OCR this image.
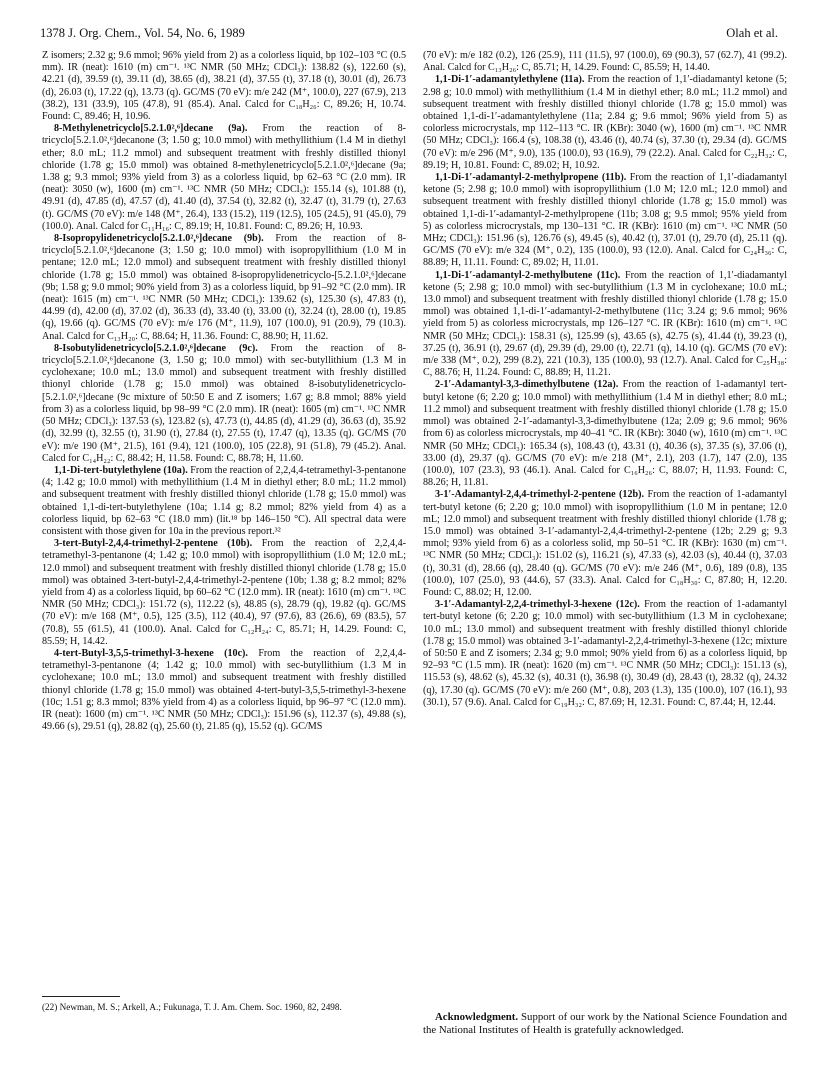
1378 J. Org. Chem., Vol. 54, No. 6, 1989	Olah et al.

Z isomers; 2.32 g; 9.6 mmol; 96% yield from 2) as a colorless liquid, bp 102–103 °C (0.5 mm). IR (neat): 1610 (m) cm⁻¹. ¹³C NMR (50 MHz; CDCl₃): 138.82 (s), 122.60 (s), 42.21 (d), 39.59 (t), 39.11 (d), 38.65 (d), 38.21 (d), 37.55 (t), 37.18 (t), 30.01 (d), 26.73 (d), 26.03 (t), 17.22 (q), 13.73 (q). GC/MS (70 eV): m/e 242 (M⁺, 100.0), 227 (67.9), 213 (38.2), 131 (33.9), 105 (47.8), 91 (85.4). Anal. Calcd for C₁₈H₂₆: C, 89.26; H, 10.74. Found: C, 89.46; H, 10.96.

8-Methylenetricyclo[5.2.1.0²,⁶]decane (9a). From the reaction of 8-tricyclo[5.2.1.0²,⁶]decanone (3; 1.50 g; 10.0 mmol) with methyllithium (1.4 M in diethyl ether; 8.0 mL; 11.2 mmol) and subsequent treatment with freshly distilled thionyl chloride (1.78 g; 15.0 mmol) was obtained 8-methylenetricyclo[5.2.1.0²,⁶]decane (9a; 1.38 g; 9.3 mmol; 93% yield from 3) as a colorless liquid, bp 62–63 °C (2.0 mm). IR (neat): 3050 (w), 1600 (m) cm⁻¹. ¹³C NMR (50 MHz; CDCl₃): 155.14 (s), 101.88 (t), 49.91 (d), 47.85 (d), 47.57 (d), 41.40 (d), 37.54 (t), 32.82 (t), 32.47 (t), 31.79 (t), 27.63 (t). GC/MS (70 eV): m/e 148 (M⁺, 26.4), 133 (15.2), 119 (12.5), 105 (24.5), 91 (45.0), 79 (100.0). Anal. Calcd for C₁₁H₁₆: C, 89.19; H, 10.81. Found: C, 89.26; H, 10.93.

8-Isopropylidenetricyclo[5.2.1.0²,⁶]decane (9b). From the reaction of 8-tricyclo[5.2.1.0²,⁶]decanone (3; 1.50 g; 10.0 mmol) with isopropyllithium (1.0 M in pentane; 12.0 mL; 12.0 mmol) and subsequent treatment with freshly distilled thionyl chloride (1.78 g; 15.0 mmol) was obtained 8-isopropylidenetricyclo-[5.2.1.0²,⁶]decane (9b; 1.58 g; 9.0 mmol; 90% yield from 3) as a colorless liquid, bp 91–92 °C (2.0 mm). IR (neat): 1615 (m) cm⁻¹. ¹³C NMR (50 MHz; CDCl₃): 139.62 (s), 125.30 (s), 47.83 (t), 44.99 (d), 42.00 (d), 37.02 (d), 36.33 (d), 33.40 (t), 33.00 (t), 32.24 (t), 28.00 (t), 19.85 (q), 19.66 (q). GC/MS (70 eV): m/e 176 (M⁺, 11.9), 107 (100.0), 91 (20.9), 79 (10.3). Anal. Calcd for C₁₃H₂₀: C, 88.64; H, 11.36. Found: C, 88.90; H, 11.62.

8-Isobutylidenetricyclo[5.2.1.0²,⁶]decane (9c). From the reaction of 8-tricyclo[5.2.1.0²,⁶]decanone (3, 1.50 g; 10.0 mmol) with sec-butyllithium (1.3 M in cyclohexane; 10.0 mL; 13.0 mmol) and subsequent treatment with freshly distilled thionyl chloride (1.78 g; 15.0 mmol) was obtained 8-isobutylidenetricyclo-[5.2.1.0²,⁶]decane (9c mixture of 50:50 E and Z isomers; 1.67 g; 8.8 mmol; 88% yield from 3) as a colorless liquid, bp 98–99 °C (2.0 mm). IR (neat): 1605 (m) cm⁻¹. ¹³C NMR (50 MHz; CDCl₃): 137.53 (s), 123.82 (s), 47.73 (t), 44.85 (d), 41.29 (d), 36.63 (d), 35.92 (d), 32.99 (t), 32.55 (t), 31.90 (t), 27.84 (t), 27.55 (t), 17.47 (q), 13.35 (q). GC/MS (70 eV): m/e 190 (M⁺, 21.5), 161 (9.4), 121 (100.0), 105 (22.8), 91 (51.8), 79 (45.2). Anal. Calcd for C₁₄H₂₂: C, 88.42; H, 11.58. Found: C, 88.78; H, 11.60.

1,1-Di-tert-butylethylene (10a). From the reaction of 2,2,4,4-tetramethyl-3-pentanone (4; 1.42 g; 10.0 mmol) with methyllithium (1.4 M in diethyl ether; 8.0 mL; 11.2 mmol) and subsequent treatment with freshly distilled thionyl chloride (1.78 g; 15.0 mmol) was obtained 1,1-di-tert-butylethylene (10a; 1.14 g; 8.2 mmol; 82% yield from 4) as a colorless liquid, bp 62–63 °C (18.0 mm) (lit.¹⁸ bp 146–150 °C). All spectral data were consistent with those given for 10a in the previous report.³²

3-tert-Butyl-2,4,4-trimethyl-2-pentene (10b). From the reaction of 2,2,4,4-tetramethyl-3-pentanone (4; 1.42 g; 10.0 mmol) with isopropyllithium (1.0 M; 12.0 mL; 12.0 mmol) and subsequent treatment with freshly distilled thionyl chloride (1.78 g; 15.0 mmol) was obtained 3-tert-butyl-2,4,4-trimethyl-2-pentene (10b; 1.38 g; 8.2 mmol; 82% yield from 4) as a colorless liquid, bp 60–62 °C (12.0 mm). IR (neat): 1610 (m) cm⁻¹. ¹³C NMR (50 MHz; CDCl₃): 151.72 (s), 112.22 (s), 48.85 (s), 28.79 (q), 19.82 (q). GC/MS (70 eV): m/e 168 (M⁺, 0.5), 125 (3.5), 112 (40.4), 97 (97.6), 83 (26.6), 69 (83.5), 57 (70.8), 55 (61.5), 41 (100.0). Anal. Calcd for C₁₂H₂₄: C, 85.71; H, 14.29. Found: C, 85.59; H, 14.42.

4-tert-Butyl-3,5,5-trimethyl-3-hexene (10c). From the reaction of 2,2,4,4-tetramethyl-3-pentanone (4; 1.42 g; 10.0 mmol) with sec-butyllithium (1.3 M in cyclohexane; 10.0 mL; 13.0 mmol) and subsequent treatment with freshly distilled thionyl chloride (1.78 g; 15.0 mmol) was obtained 4-tert-butyl-3,5,5-trimethyl-3-hexene (10c; 1.51 g; 8.3 mmol; 83% yield from 4) as a colorless liquid, bp 96–97 °C (12.0 mm). IR (neat): 1600 (m) cm⁻¹. ¹³C NMR (50 MHz; CDCl₃): 151.96 (s), 112.37 (s), 49.88 (s), 49.66 (s), 29.51 (q), 28.82 (q), 25.60 (t), 21.85 (q), 15.52 (q). GC/MS

(70 eV): m/e 182 (0.2), 126 (25.9), 111 (11.5), 97 (100.0), 69 (90.3), 57 (62.7), 41 (99.2). Anal. Calcd for C₁₃H₂₆: C, 85.71; H, 14.29. Found: C, 85.59; H, 14.40.

1,1-Di-1′-adamantylethylene (11a). From the reaction of 1,1′-diadamantyl ketone (5; 2.98 g; 10.0 mmol) with methyllithium (1.4 M in diethyl ether; 8.0 mL; 11.2 mmol) and subsequent treatment with freshly distilled thionyl chloride (1.78 g; 15.0 mmol) was obtained 1,1-di-1′-adamantylethylene (11a; 2.84 g; 9.6 mmol; 96% yield from 5) as colorless microcrystals, mp 112–113 °C. IR (KBr): 3040 (w), 1600 (m) cm⁻¹. ¹³C NMR (50 MHz; CDCl₃): 166.4 (s), 108.38 (t), 43.46 (t), 40.74 (s), 37.30 (t), 29.34 (d). GC/MS (70 eV): m/e 296 (M⁺, 9.0), 135 (100.0), 93 (16.9), 79 (22.2). Anal. Calcd for C₂₂H₃₂: C, 89.19; H, 10.81. Found: C, 89.02; H, 10.92.

1,1-Di-1′-adamantyl-2-methylpropene (11b). From the reaction of 1,1′-diadamantyl ketone (5; 2.98 g; 10.0 mmol) with isopropyllithium (1.0 M; 12.0 mL; 12.0 mmol) and subsequent treatment with freshly distilled thionyl chloride (1.78 g; 15.0 mmol) was obtained 1,1-di-1′-adamantyl-2-methylpropene (11b; 3.08 g; 9.5 mmol; 95% yield from 5) as colorless microcrystals, mp 130–131 °C. IR (KBr): 1610 (m) cm⁻¹. ¹³C NMR (50 MHz; CDCl₃): 151.96 (s), 126.76 (s), 49.45 (s), 40.42 (t), 37.01 (t), 29.70 (d), 25.11 (q). GC/MS (70 eV): m/e 324 (M⁺, 0.2), 135 (100.0), 93 (12.0). Anal. Calcd for C₂₄H₃₆: C, 88.89; H, 11.11. Found: C, 89.02; H, 11.01.

1,1-Di-1′-adamantyl-2-methylbutene (11c). From the reaction of 1,1′-diadamantyl ketone (5; 2.98 g; 10.0 mmol) with sec-butyllithium (1.3 M in cyclohexane; 10.0 mL; 13.0 mmol) and subsequent treatment with freshly distilled thionyl chloride (1.78 g; 15.0 mmol) was obtained 1,1-di-1′-adamantyl-2-methylbutene (11c; 3.24 g; 9.6 mmol; 96% yield from 5) as colorless microcrystals, mp 126–127 °C. IR (KBr): 1610 (m) cm⁻¹. ¹³C NMR (50 MHz; CDCl₃): 158.31 (s), 125.99 (s), 43.65 (s), 42.75 (s), 41.44 (t), 39.23 (t), 37.25 (t), 36.91 (t), 29.67 (d), 29.39 (d), 29.00 (t), 22.71 (q), 14.10 (q). GC/MS (70 eV): m/e 338 (M⁺, 0.2), 299 (8.2), 221 (10.3), 135 (100.0), 93 (12.7). Anal. Calcd for C₂₅H₃₈: C, 88.76; H, 11.24. Found: C, 88.89; H, 11.21.

2-1′-Adamantyl-3,3-dimethylbutene (12a). From the reaction of 1-adamantyl tert-butyl ketone (6; 2.20 g; 10.0 mmol) with methyllithium (1.4 M in diethyl ether; 8.0 mL; 11.2 mmol) and subsequent treatment with freshly distilled thionyl chloride (1.78 g; 15.0 mmol) was obtained 2-1′-adamantyl-3,3-dimethylbutene (12a; 2.09 g; 9.6 mmol; 96% from 6) as colorless microcrystals, mp 40–41 °C. IR (KBr): 3040 (w), 1610 (m) cm⁻¹. ¹³C NMR (50 MHz; CDCl₃): 165.34 (s), 108.43 (t), 43.31 (t), 40.36 (s), 37.35 (s), 37.06 (t), 33.00 (d), 29.37 (q). GC/MS (70 eV): m/e 218 (M⁺, 2.1), 203 (1.7), 147 (2.0), 135 (100.0), 107 (23.3), 93 (46.1). Anal. Calcd for C₁₆H₂₆: C, 88.07; H, 11.93. Found: C, 88.26; H, 11.81.

3-1′-Adamantyl-2,4,4-trimethyl-2-pentene (12b). From the reaction of 1-adamantyl tert-butyl ketone (6; 2.20 g; 10.0 mmol) with isopropyllithium (1.0 M in pentane; 12.0 mL; 12.0 mmol) and subsequent treatment with freshly distilled thionyl chloride (1.78 g; 15.0 mmol) was obtained 3-1′-adamantyl-2,4,4-trimethyl-2-pentene (12b; 2.29 g; 9.3 mmol; 93% yield from 6) as a colorless solid, mp 50–51 °C. IR (KBr): 1630 (m) cm⁻¹. ¹³C NMR (50 MHz; CDCl₃): 151.02 (s), 116.21 (s), 47.33 (s), 42.03 (s), 40.44 (t), 37.03 (t), 30.31 (d), 28.66 (q), 28.40 (q). GC/MS (70 eV): m/e 246 (M⁺, 0.6), 189 (0.8), 135 (100.0), 107 (25.0), 93 (44.6), 57 (33.3). Anal. Calcd for C₁₈H₃₀: C, 87.80; H, 12.20. Found: C, 88.02; H, 12.00.

3-1′-Adamantyl-2,2,4-trimethyl-3-hexene (12c). From the reaction of 1-adamantyl tert-butyl ketone (6; 2.20 g; 10.0 mmol) with sec-butyllithium (1.3 M in cyclohexane; 10.0 mL; 13.0 mmol) and subsequent treatment with freshly distilled thionyl chloride (1.78 g; 15.0 mmol) was obtained 3-1′-adamantyl-2,2,4-trimethyl-3-hexene (12c; mixture of 50:50 E and Z isomers; 2.34 g; 9.0 mmol; 90% yield from 6) as a colorless liquid, bp 92–93 °C (1.5 mm). IR (neat): 1620 (m) cm⁻¹. ¹³C NMR (50 MHz; CDCl₃): 151.13 (s), 115.53 (s), 48.62 (s), 45.32 (s), 40.31 (t), 36.98 (t), 30.49 (d), 28.43 (t), 28.32 (q), 24.32 (q), 17.30 (q). GC/MS (70 eV): m/e 260 (M⁺, 0.8), 203 (1.3), 135 (100.0), 107 (16.1), 93 (30.1), 57 (9.6). Anal. Calcd for C₁₉H₃₂: C, 87.69; H, 12.31. Found: C, 87.44; H, 12.44.

(22) Newman, M. S.; Arkell, A.; Fukunaga, T. J. Am. Chem. Soc. 1960, 82, 2498.

Acknowledgment. Support of our work by the National Science Foundation and the National Institutes of Health is gratefully acknowledged.
